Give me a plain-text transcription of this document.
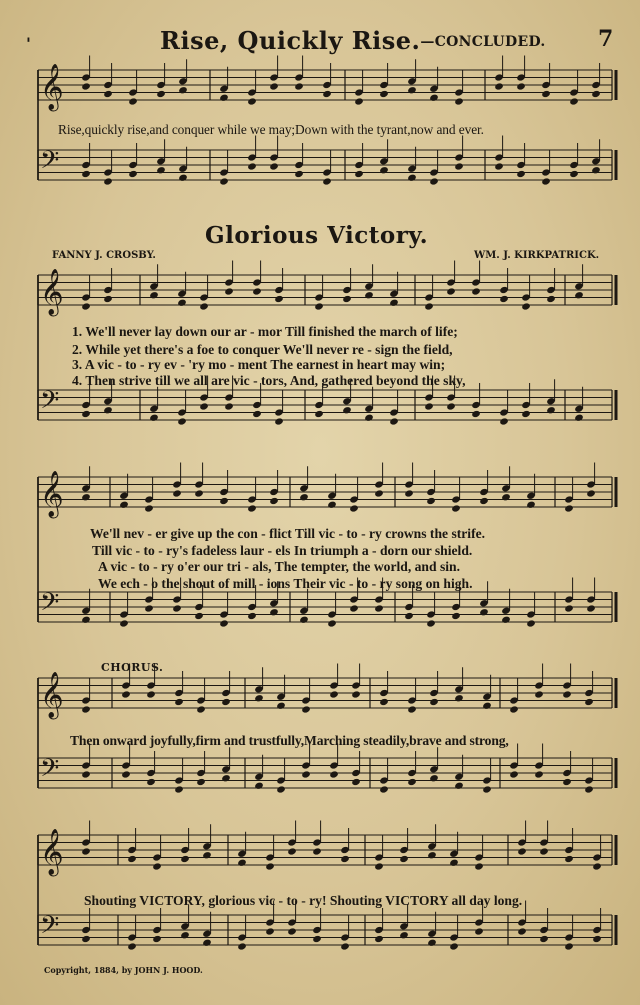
𝄞
𝄢
𝄞
𝄢
𝄞
𝄢
𝄞
𝄢
𝄞
𝄢
'	Rise, Quickly Rise.—CONCLUDED. 7
Rise,quickly rise,and conquer while we may;Down with the tyrant,now and ever.
Glorious Victory.
FANNY J. CROSBY.	WM. J. KIRKPATRICK.
1. We'll never lay down our ar - mor Till finished the march of life;
2. While yet there's a foe to conquer We'll never re - sign the field,
3. A vic - to - ry ev - 'ry mo - ment The earnest in heart may win;
4. Then strive till we all are vic - tors, And, gathered beyond the sky,
We'll nev - er give up the con - flict Till vic - to - ry crowns the strife.
Till vic - to - ry's fadeless laur - els In triumph a - dorn our shield.
A vic - to - ry o'er our tri - als, The tempter, the world, and sin.
We ech - o the shout of mill - ions Their vic - to - ry song on high.
CHORUS.
Then onward joyfully,firm and trustfully,Marching steadily,brave and strong,
Shouting VICTORY, glorious vic - to - ry! Shouting VICTORY all day long.
Copyright, 1884, by JOHN J. HOOD.
